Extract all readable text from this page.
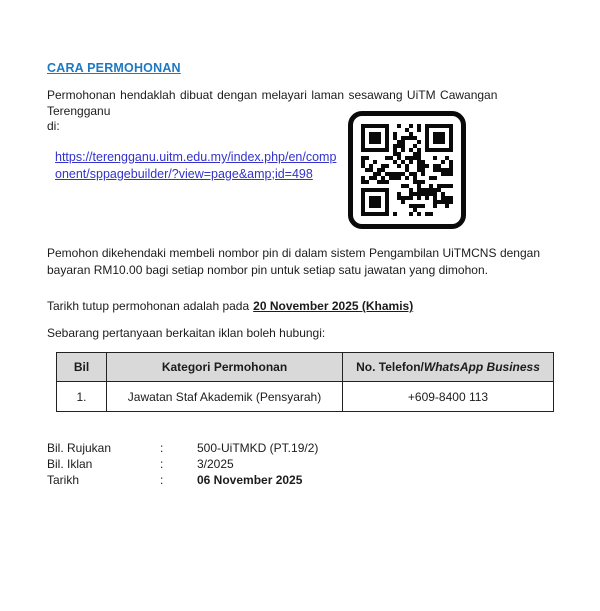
CARA PERMOHONAN

Permohonan hendaklah dibuat dengan melayari laman sesawang UiTM Cawangan Terengganu
di:

https://terengganu.uitm.edu.my/index.php/en/component/sppagebuilder/?view=page&amp;id=498

Pemohon dikehendaki membeli nombor pin di dalam sistem Pengambilan UiTMCNS dengan bayaran RM10.00 bagi setiap nombor pin untuk setiap satu jawatan yang dimohon.

Tarikh tutup permohonan adalah pada 20 November 2025 (Khamis)

Sebarang pertanyaan berkaitan iklan boleh hubungi:

Bil	Kategori Permohonan	No. Telefon/WhatsApp Business
1.	Jawatan Staf Akademik (Pensyarah)	+609-8400 113
Bil. Rujukan	:	500-UiTMKD (PT.19/2)
Bil. Iklan	:	3/2025
Tarikh	:	06 November 2025
